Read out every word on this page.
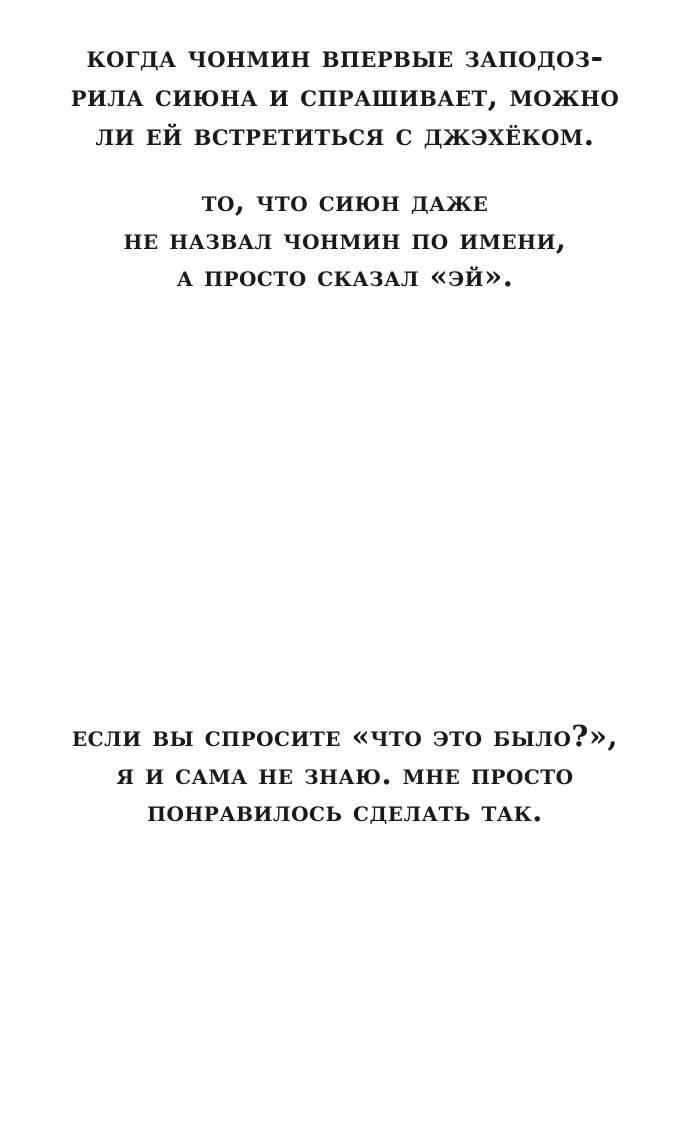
когда чонмин впервые заподоз-
рила сиюна и спрашивает, можно
ли ей встретиться с джэхёком.
то, что сиюн даже
не назвал чонмин по имени,
а просто сказал «эй».
если вы спросите «что это было?»,
я и сама не знаю. мне просто
понравилось сделать так.
